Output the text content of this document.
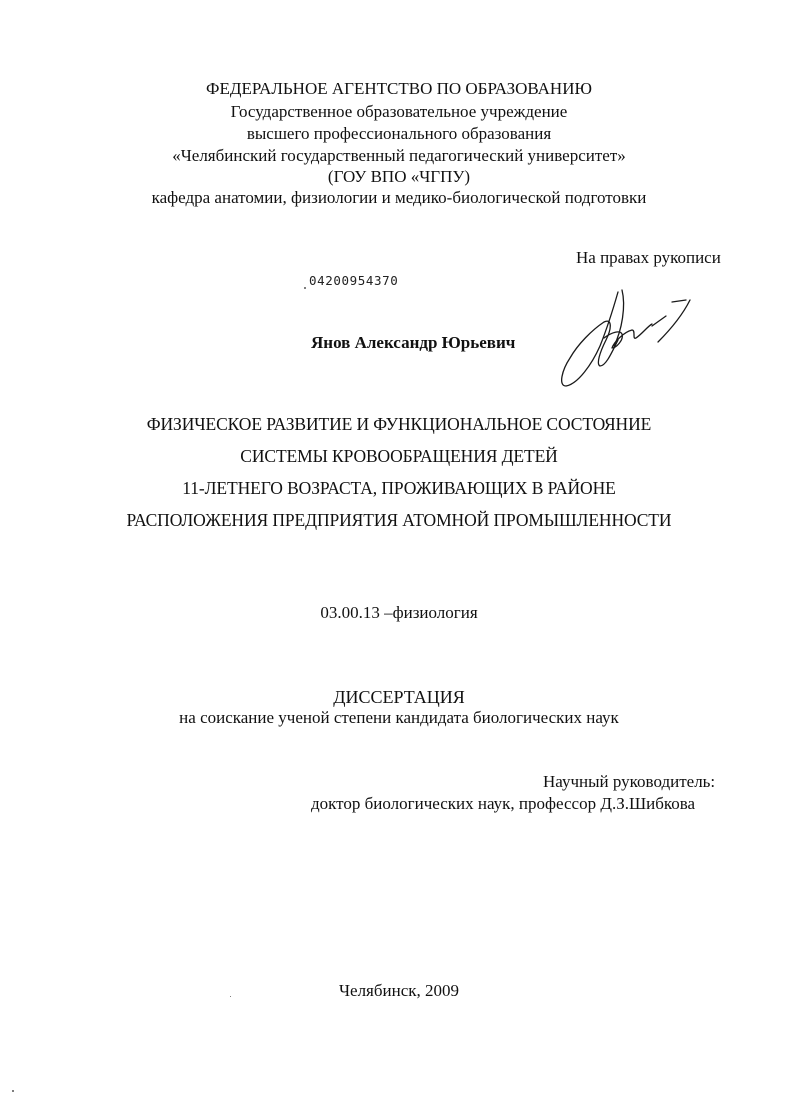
ФЕДЕРАЛЬНОЕ АГЕНТСТВО ПО ОБРАЗОВАНИЮ
Государственное образовательное учреждение
высшего профессионального образования
«Челябинский государственный педагогический университет»
(ГОУ ВПО «ЧГПУ)
кафедра анатомии, физиологии и медико-биологической подготовки
На правах рукописи
04200954370
Янов Александр Юрьевич
ФИЗИЧЕСКОЕ РАЗВИТИЕ И ФУНКЦИОНАЛЬНОЕ СОСТОЯНИЕ
СИСТЕМЫ КРОВООБРАЩЕНИЯ ДЕТЕЙ
11-ЛЕТНЕГО ВОЗРАСТА, ПРОЖИВАЮЩИХ В РАЙОНЕ
РАСПОЛОЖЕНИЯ ПРЕДПРИЯТИЯ АТОМНОЙ ПРОМЫШЛЕННОСТИ
03.00.13 –физиология
ДИССЕРТАЦИЯ
на соискание ученой степени кандидата биологических наук
Научный руководитель:
доктор биологических наук, профессор Д.З.Шибкова
Челябинск, 2009
